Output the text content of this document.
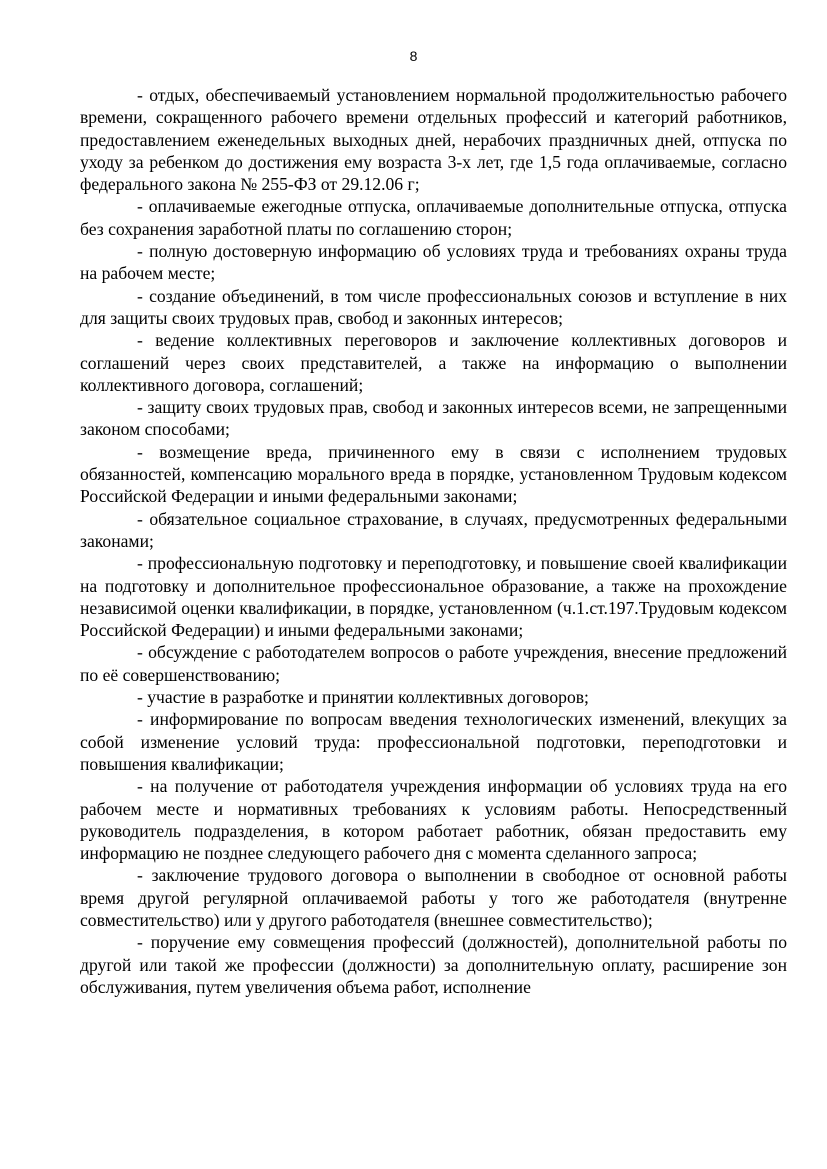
8

- отдых, обеспечиваемый установлением нормальной продолжительностью рабочего времени, сокращенного рабочего времени отдельных профессий и категорий работников, предоставлением еженедельных выходных дней, нерабочих праздничных дней, отпуска по уходу за ребенком до достижения ему возраста 3-х лет, где 1,5 года оплачиваемые, согласно федерального закона № 255-ФЗ от 29.12.06 г;

- оплачиваемые ежегодные отпуска, оплачиваемые дополнительные отпуска, отпуска без сохранения заработной платы по соглашению сторон;

- полную достоверную информацию об условиях труда и требованиях охраны труда на рабочем месте;

- создание объединений, в том числе профессиональных союзов и вступление в них для защиты своих трудовых прав, свобод и законных интересов;

- ведение коллективных переговоров и заключение коллективных договоров и соглашений через своих представителей, а также на информацию о выполнении коллективного договора, соглашений;

- защиту своих трудовых прав, свобод и законных интересов всеми, не запрещенными законом способами;

- возмещение вреда, причиненного ему в связи с исполнением трудовых обязанностей, компенсацию морального вреда в порядке, установленном Трудовым кодексом Российской Федерации и иными федеральными законами;

- обязательное социальное страхование, в случаях, предусмотренных федеральными законами;

- профессиональную подготовку и переподготовку, и повышение своей квалификации на подготовку и дополнительное профессиональное образование, а также на прохождение независимой оценки квалификации, в порядке, установленном (ч.1.ст.197.Трудовым кодексом Российской Федерации) и иными федеральными законами;

- обсуждение с работодателем вопросов о работе учреждения, внесение предложений по её совершенствованию;

- участие в разработке и принятии коллективных договоров;

- информирование по вопросам введения технологических изменений, влекущих за собой изменение условий труда: профессиональной подготовки, переподготовки и повышения квалификации;

- на получение от работодателя учреждения информации об условиях труда на его рабочем месте и нормативных требованиях к условиям работы. Непосредственный руководитель подразделения, в котором работает работник, обязан предоставить ему информацию не позднее следующего рабочего дня с момента сделанного запроса;

- заключение трудового договора о выполнении в свободное от основной работы время другой регулярной оплачиваемой работы у того же работодателя (внутренне совместительство) или у другого работодателя (внешнее совместительство);

- поручение ему совмещения профессий (должностей), дополнительной работы по другой или такой же профессии (должности) за дополнительную оплату, расширение зон обслуживания, путем увеличения объема работ, исполнение
